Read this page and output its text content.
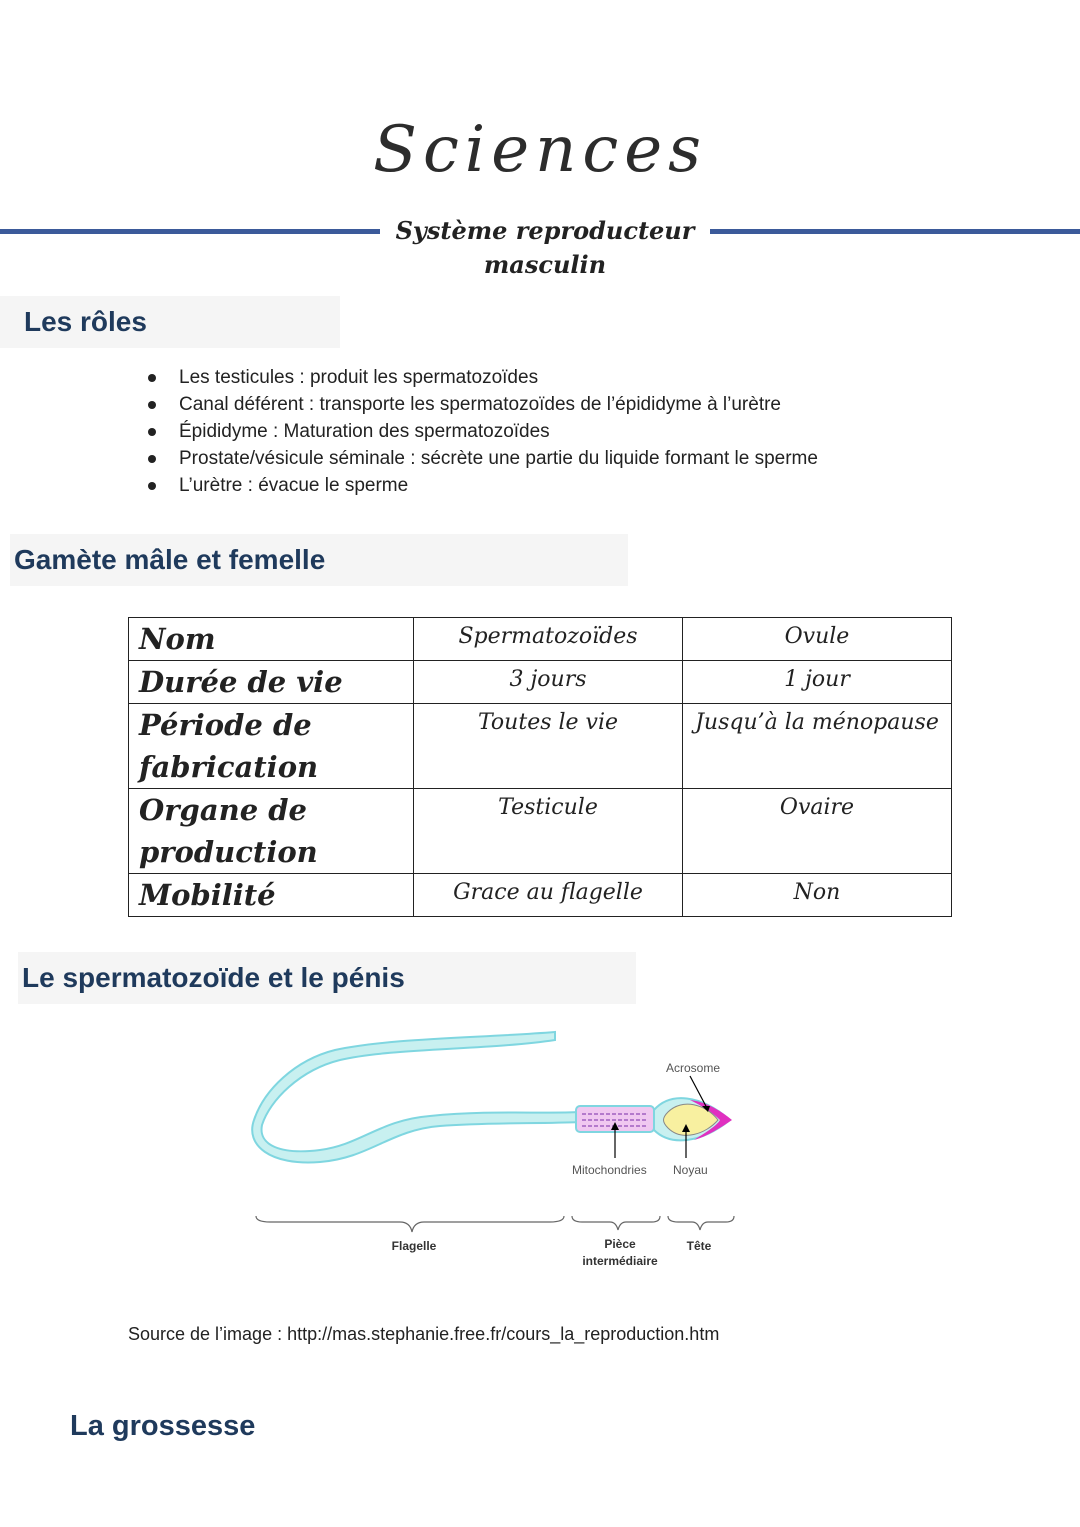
Sciences
Système reproducteur masculin
Les rôles
Les testicules : produit les spermatozoïdes
Canal déférent : transporte les spermatozoïdes de l’épididyme à l’urètre
Épididyme : Maturation des spermatozoïdes
Prostate/vésicule séminale : sécrète une partie du liquide formant le sperme
L’urètre : évacue le sperme
Gamète mâle et femelle
Nom	Spermatozoïdes	Ovule
Durée de vie	3 jours	1 jour
Période de fabrication	Toutes le vie	Jusqu’à la ménopause
Organe de production	Testicule	Ovaire
Mobilité	Grace au flagelle	Non
Le spermatozoïde et le pénis
Acrosome
Mitochondries Noyau
Flagelle	Pièce
intermédiaire
Tête
Source de l’image : http://mas.stephanie.free.fr/cours_la_reproduction.htm
La grossesse
